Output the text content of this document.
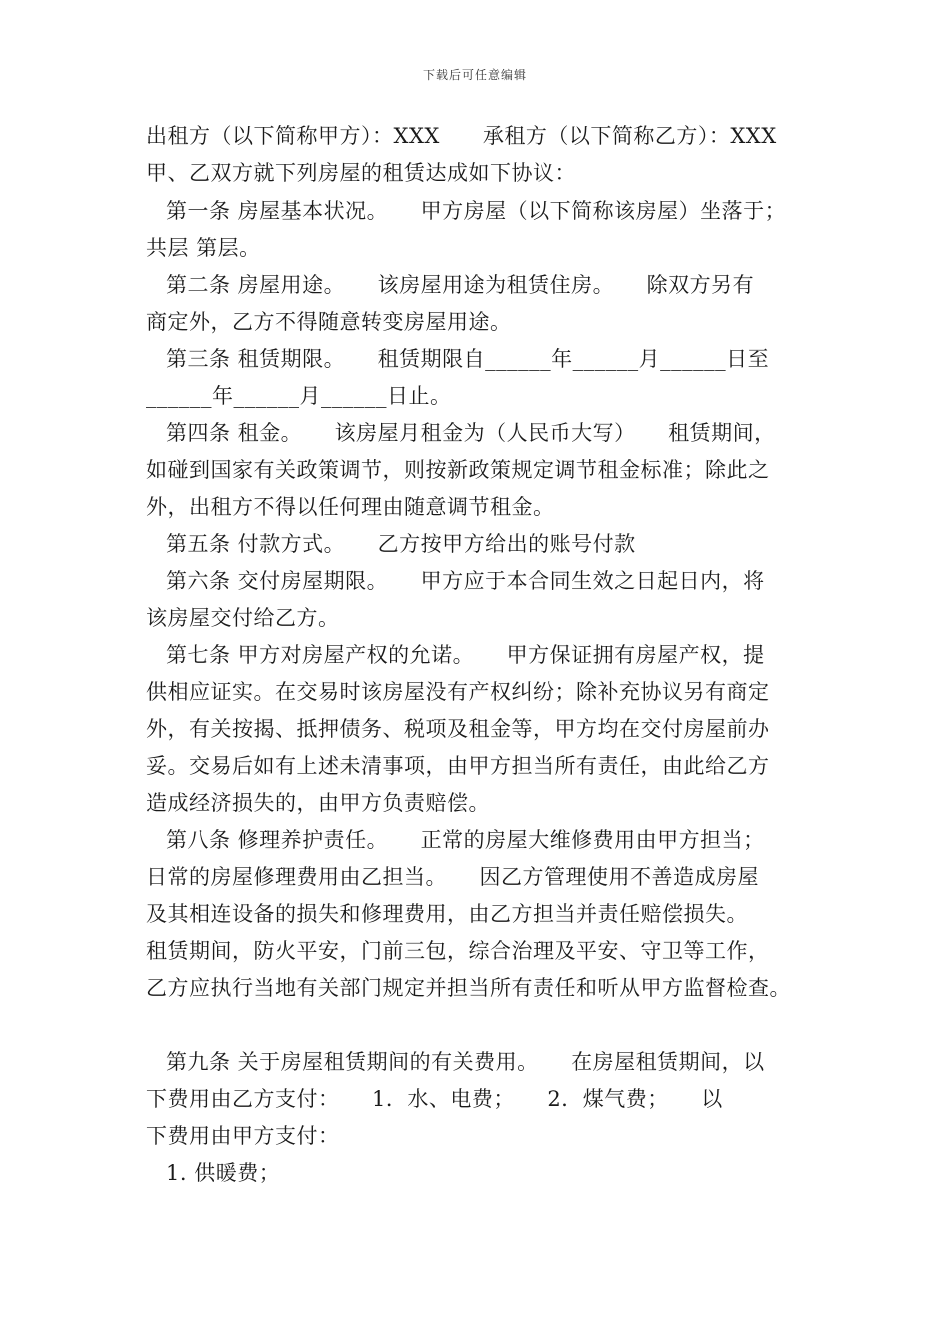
下载后可任意编辑
出租方（以下简称甲方）：XXX　　承租方（以下简称乙方）：XXX
甲、乙双方就下列房屋的租赁达成如下协议：
第一条 房屋基本状况。　　甲方房屋（以下简称该房屋）坐落于；
共层 第层。
第二条 房屋用途。　　该房屋用途为租赁住房。　　除双方另有
商定外，乙方不得随意转变房屋用途。
第三条 租赁期限。　　租赁期限自______年______月______日至
______年______月______日止。
第四条 租金。　　该房屋月租金为（人民币大写）　　租赁期间，
如碰到国家有关政策调节，则按新政策规定调节租金标准；除此之
外，出租方不得以任何理由随意调节租金。
第五条 付款方式。　　乙方按甲方给出的账号付款
第六条 交付房屋期限。　　甲方应于本合同生效之日起日内，将
该房屋交付给乙方。
第七条 甲方对房屋产权的允诺。　　甲方保证拥有房屋产权，提
供相应证实。在交易时该房屋没有产权纠纷；除补充协议另有商定
外，有关按揭、抵押债务、税项及租金等，甲方均在交付房屋前办
妥。交易后如有上述未清事项，由甲方担当所有责任，由此给乙方
造成经济损失的，由甲方负责赔偿。
第八条 修理养护责任。　　正常的房屋大维修费用由甲方担当；
日常的房屋修理费用由乙担当。　　因乙方管理使用不善造成房屋
及其相连设备的损失和修理费用，由乙方担当并责任赔偿损失。
租赁期间，防火平安，门前三包，综合治理及平安、守卫等工作，
乙方应执行当地有关部门规定并担当所有责任和听从甲方监督检查。
第九条 关于房屋租赁期间的有关费用。　　在房屋租赁期间，以
下费用由乙方支付：　　1．水、电费；　　2．煤气费；　　以
下费用由甲方支付：
1. 供暖费；
